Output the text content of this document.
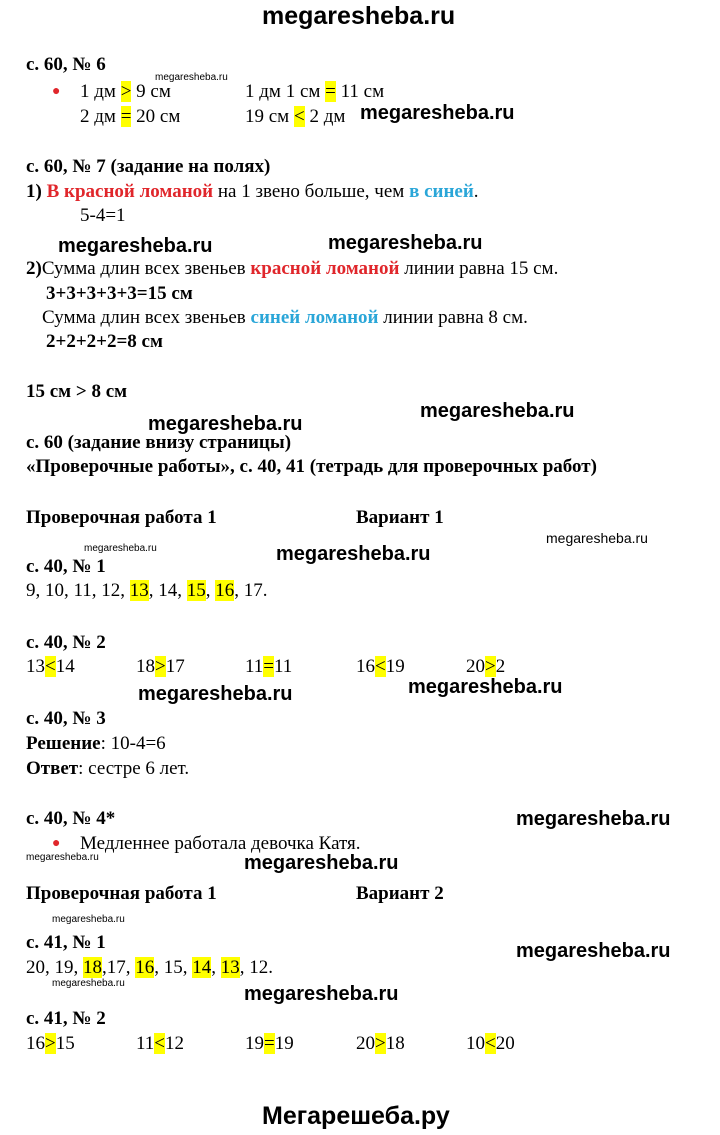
megaresheba.ru
Мегарешеба.ру
с. 60, № 6
megaresheba.ru
● 1 дм > 9 см	1 дм 1 см = 11 см
2 дм = 20 см	19 см < 2 дм megaresheba.ru
с. 60, № 7 (задание на полях)
1) В красной ломаной на 1 звено больше, чем в синей.
5-4=1
megaresheba.ru	megaresheba.ru
2)Сумма длин всех звеньев красной ломаной линии равна 15 см.
3+3+3+3+3=15 см
Сумма длин всех звеньев синей ломаной линии равна 8 см.
2+2+2+2=8 см
15 см > 8 см
megaresheba.ru
megaresheba.ru
с. 60 (задание внизу страницы)
«Проверочные работы», с. 40, 41 (тетрадь для проверочных работ)
Проверочная работа 1	Вариант 1
megaresheba.ru
megaresheba.ru	megaresheba.ru
с. 40, № 1
9, 10, 11, 12, 13, 14, 15, 16, 17.
с. 40, № 2
13<14	18>17	11=11	16<19	20>2
megaresheba.ru
megaresheba.ru
с. 40, № 3
Решение: 10-4=6
Ответ: сестре 6 лет.
с. 40, № 4*	megaresheba.ru
● Медленнее работала девочка Катя.
megaresheba.ru	megaresheba.ru
Проверочная работа 1	Вариант 2
megaresheba.ru
с. 41, № 1	megaresheba.ru
20, 19, 18,17, 16, 15, 14, 13, 12.
megaresheba.ru	megaresheba.ru
с. 41, № 2
16>15	11<12	19=19	20>18	10<20
